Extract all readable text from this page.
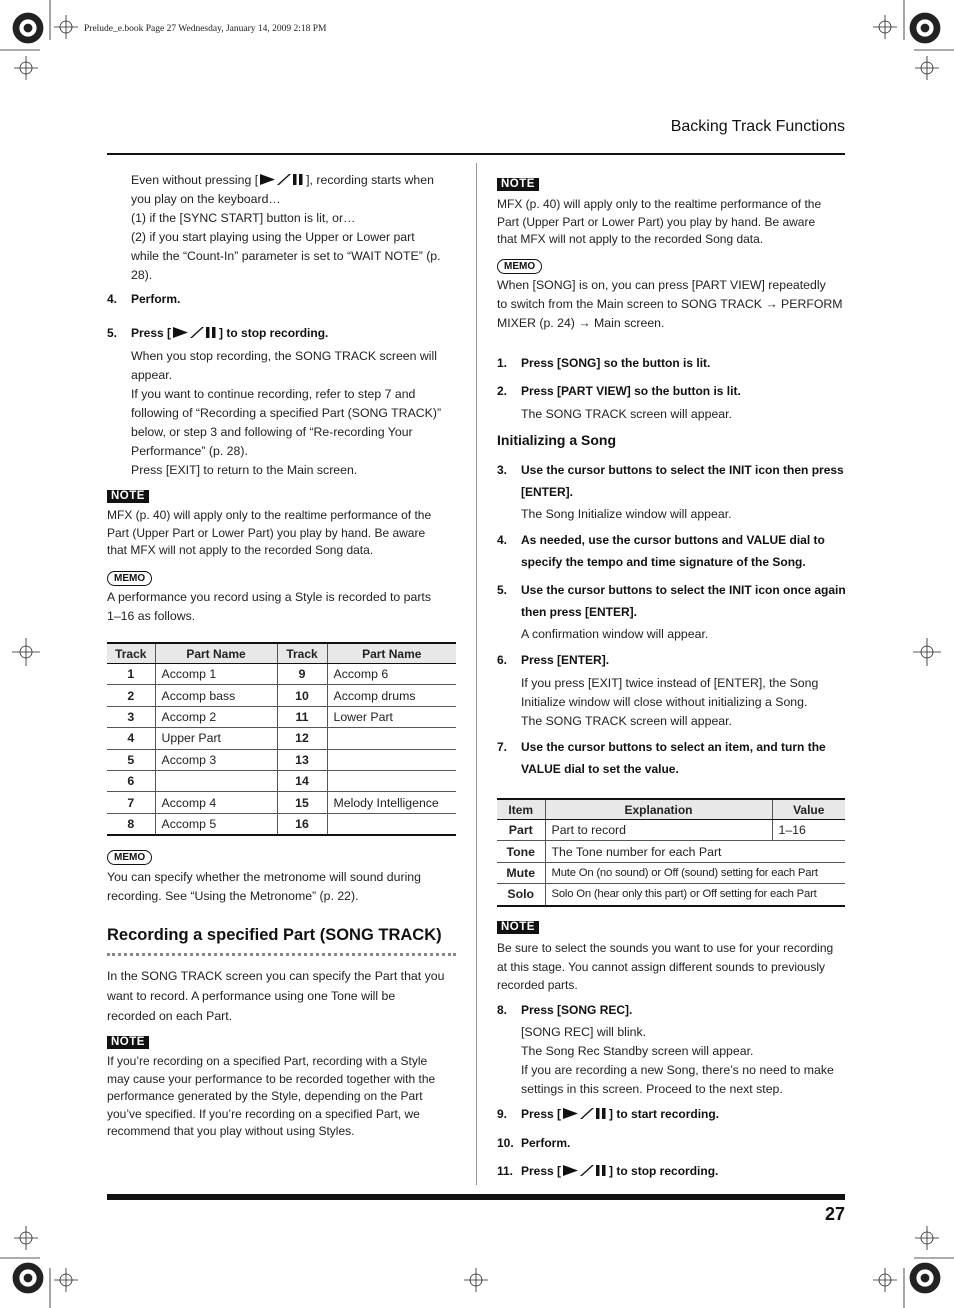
Prelude_e.book Page 27 Wednesday, January 14, 2009 2:18 PM
Backing Track Functions
Even without pressing [	], recording starts when
you play on the keyboard…
(1) if the [SYNC START] button is lit, or…
(2) if you start playing using the Upper or Lower part
while the “Count-In” parameter is set to “WAIT NOTE” (p.
28).
4. Perform.
5. Press [	] to stop recording.
When you stop recording, the SONG TRACK screen will
appear.
If you want to continue recording, refer to step 7 and
following of “Recording a specified Part (SONG TRACK)”
below, or step 3 and following of “Re-recording Your
Performance” (p. 28).
Press [EXIT] to return to the Main screen.
NOTE
MFX (p. 40) will apply only to the realtime performance of the
Part (Upper Part or Lower Part) you play by hand. Be aware
that MFX will not apply to the recorded Song data.
MEMO
A performance you record using a Style is recorded to parts
1–16 as follows.
Track	Part Name	Track	Part Name
1	Accomp 1	9	Accomp 6
2	Accomp bass	10	Accomp drums
3	Accomp 2	11	Lower Part
4	Upper Part	12	
5	Accomp 3	13	
6		14	
7	Accomp 4	15	Melody Intelligence
8	Accomp 5	16	
MEMO
You can specify whether the metronome will sound during
recording. See “Using the Metronome” (p. 22).
Recording a specified Part (SONG TRACK)
In the SONG TRACK screen you can specify the Part that you
want to record. A performance using one Tone will be
recorded on each Part.
NOTE
If you’re recording on a specified Part, recording with a Style
may cause your performance to be recorded together with the
performance generated by the Style, depending on the Part
you’ve specified. If you’re recording on a specified Part, we
recommend that you play without using Styles.
NOTE
MFX (p. 40) will apply only to the realtime performance of the
Part (Upper Part or Lower Part) you play by hand. Be aware
that MFX will not apply to the recorded Song data.
MEMO
When [SONG] is on, you can press [PART VIEW] repeatedly
to switch from the Main screen to SONG TRACK → PERFORM
MIXER (p. 24) → Main screen.
1. Press [SONG] so the button is lit.
2. Press [PART VIEW] so the button is lit.
The SONG TRACK screen will appear.
Initializing a Song
3. Use the cursor buttons to select the INIT icon then press
[ENTER].
The Song Initialize window will appear.
4. As needed, use the cursor buttons and VALUE dial to
specify the tempo and time signature of the Song.
5. Use the cursor buttons to select the INIT icon once again
then press [ENTER].
A confirmation window will appear.
6. Press [ENTER].
If you press [EXIT] twice instead of [ENTER], the Song
Initialize window will close without initializing a Song.
The SONG TRACK screen will appear.
7. Use the cursor buttons to select an item, and turn the
VALUE dial to set the value.
Item	Explanation	Value
Part	Part to record	1–16
Tone	The Tone number for each Part	
Mute	Mute On (no sound) or Off (sound) setting for each Part	
Solo	Solo On (hear only this part) or Off setting for each Part	
NOTE
Be sure to select the sounds you want to use for your recording
at this stage. You cannot assign different sounds to previously
recorded parts.
8. Press [SONG REC].
[SONG REC] will blink.
The Song Rec Standby screen will appear.
If you are recording a new Song, there’s no need to make
settings in this screen. Proceed to the next step.
9. Press [	] to start recording.
10. Perform.
11. Press [	] to stop recording.
27
